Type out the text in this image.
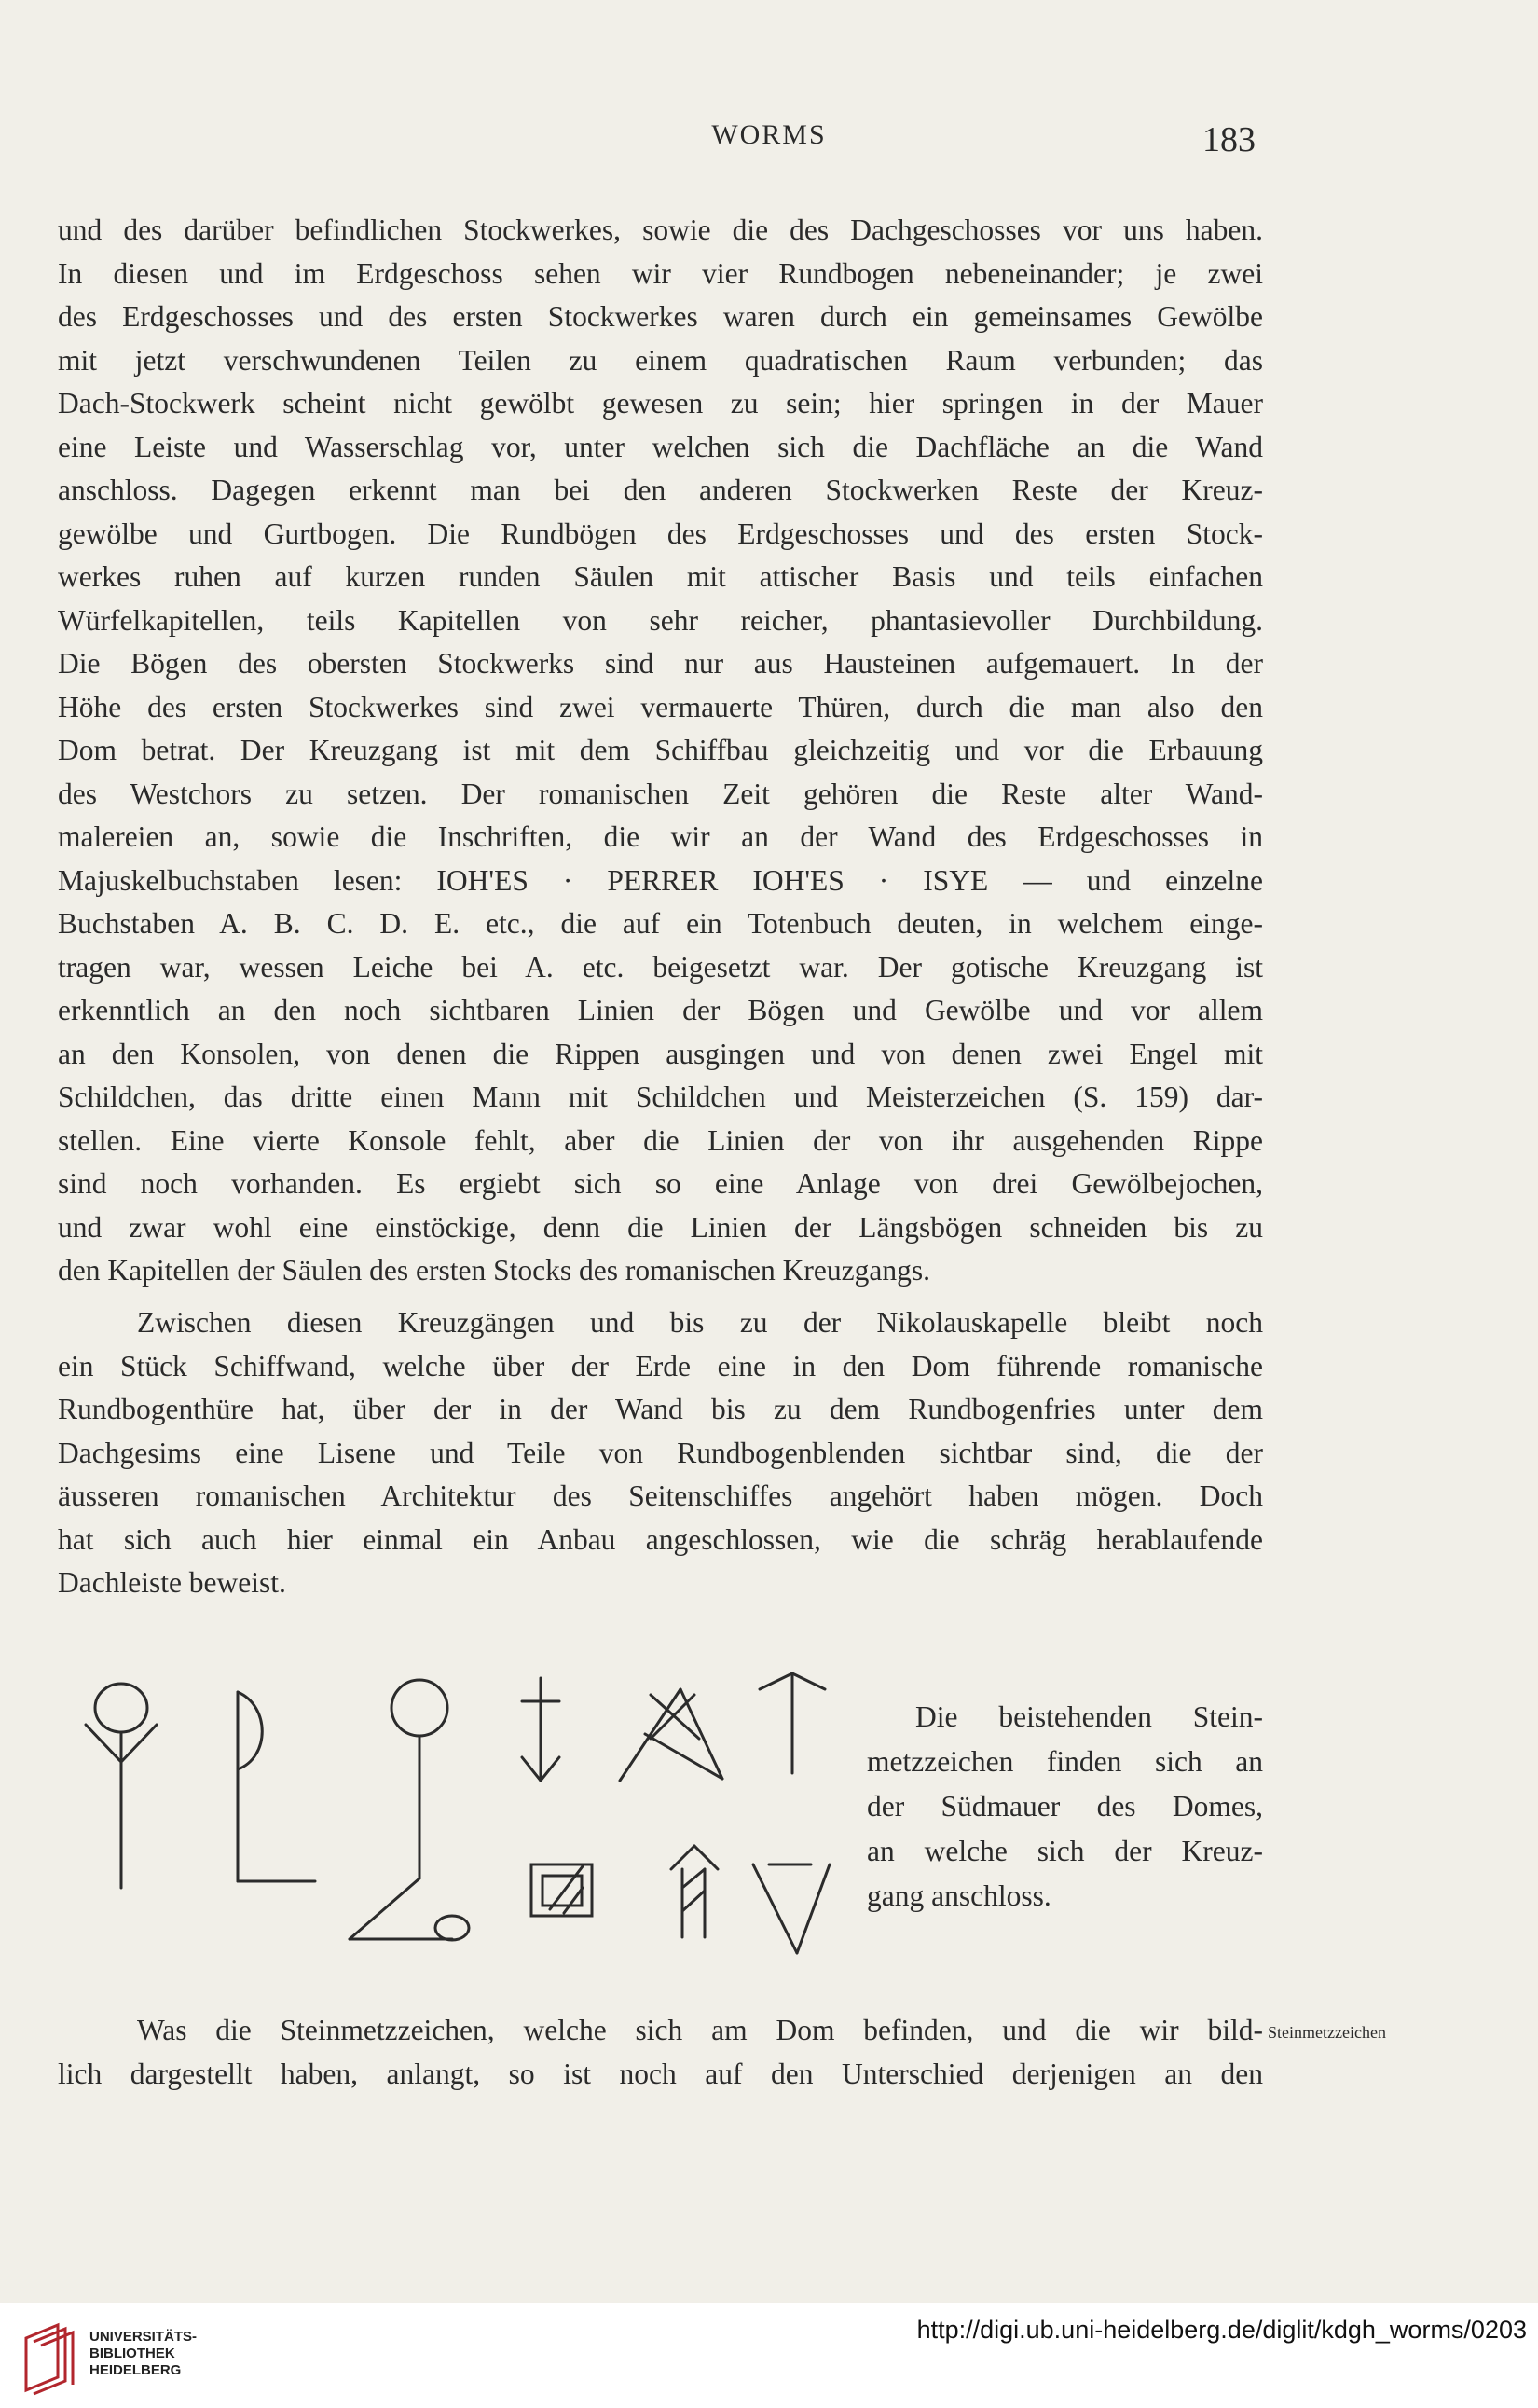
WORMS	183
und des darüber befindlichen Stockwerkes, sowie die des Dachgeschosses vor uns haben.
In diesen und im Erdgeschoss sehen wir vier Rundbogen nebeneinander; je zwei
des Erdgeschosses und des ersten Stockwerkes waren durch ein gemeinsames Gewölbe
mit jetzt verschwundenen Teilen zu einem quadratischen Raum verbunden; das
Dach-Stockwerk scheint nicht gewölbt gewesen zu sein; hier springen in der Mauer
eine Leiste und Wasserschlag vor, unter welchen sich die Dachfläche an die Wand
anschloss. Dagegen erkennt man bei den anderen Stockwerken Reste der Kreuz-
gewölbe und Gurtbogen. Die Rundbögen des Erdgeschosses und des ersten Stock-
werkes ruhen auf kurzen runden Säulen mit attischer Basis und teils einfachen
Würfelkapitellen, teils Kapitellen von sehr reicher, phantasievoller Durchbildung.
Die Bögen des obersten Stockwerks sind nur aus Hausteinen aufgemauert. In der
Höhe des ersten Stockwerkes sind zwei vermauerte Thüren, durch die man also den
Dom betrat. Der Kreuzgang ist mit dem Schiffbau gleichzeitig und vor die Erbauung
des Westchors zu setzen. Der romanischen Zeit gehören die Reste alter Wand-
malereien an, sowie die Inschriften, die wir an der Wand des Erdgeschosses in
Majuskelbuchstaben lesen: IOH'ES · PERRER IOH'ES · ISYE — und einzelne
Buchstaben A. B. C. D. E. etc., die auf ein Totenbuch deuten, in welchem einge-
tragen war, wessen Leiche bei A. etc. beigesetzt war. Der gotische Kreuzgang ist
erkenntlich an den noch sichtbaren Linien der Bögen und Gewölbe und vor allem
an den Konsolen, von denen die Rippen ausgingen und von denen zwei Engel mit
Schildchen, das dritte einen Mann mit Schildchen und Meisterzeichen (S. 159) dar-
stellen. Eine vierte Konsole fehlt, aber die Linien der von ihr ausgehenden Rippe
sind noch vorhanden. Es ergiebt sich so eine Anlage von drei Gewölbejochen,
und zwar wohl eine einstöckige, denn die Linien der Längsbögen schneiden bis zu
den Kapitellen der Säulen des ersten Stocks des romanischen Kreuzgangs.
Zwischen diesen Kreuzgängen und bis zu der Nikolauskapelle bleibt noch
ein Stück Schiffwand, welche über der Erde eine in den Dom führende romanische
Rundbogenthüre hat, über der in der Wand bis zu dem Rundbogenfries unter dem
Dachgesims eine Lisene und Teile von Rundbogenblenden sichtbar sind, die der
äusseren romanischen Architektur des Seitenschiffes angehört haben mögen. Doch
hat sich auch hier einmal ein Anbau angeschlossen, wie die schräg herablaufende
Dachleiste beweist.
Die beistehenden Stein-
metzzeichen finden sich an
der Südmauer des Domes,
an welche sich der Kreuz-
gang anschloss.
Was die Steinmetzzeichen, welche sich am Dom befinden, und die wir bild-
lich dargestellt haben, anlangt, so ist noch auf den Unterschied derjenigen an den
Steinmetzzeichen
UNIVERSITÄTS-
BIBLIOTHEK
HEIDELBERG
http://digi.ub.uni-heidelberg.de/diglit/kdgh_worms/0203
